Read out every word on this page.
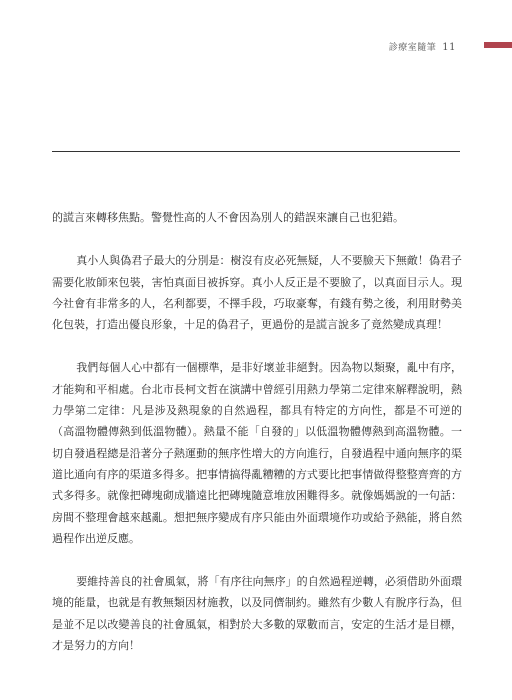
診療室隨筆 11

的謊言來轉移焦點。警覺性高的人不會因為別人的錯誤來讓自己也犯錯。

真小人與偽君子最大的分別是：樹沒有皮必死無疑，人不要臉天下無敵！偽君子需要化妝師來包裝，害怕真面目被拆穿。真小人反正是不要臉了，以真面目示人。現今社會有非常多的人，名利都要，不擇手段，巧取豪奪，有錢有勢之後，利用財勢美化包裝，打造出優良形象，十足的偽君子，更過份的是謊言說多了竟然變成真理！

我們每個人心中都有一個標準，是非好壞並非絕對。因為物以類聚，亂中有序，才能夠和平相處。台北市長柯文哲在演講中曾經引用熱力學第二定律來解釋說明，熱力學第二定律：凡是涉及熱現象的自然過程，都具有特定的方向性，都是不可逆的（高溫物體傳熱到低溫物體）。熱量不能「自發的」以低溫物體傳熱到高溫物體。一切自發過程總是沿著分子熱運動的無序性增大的方向進行，自發過程中通向無序的渠道比通向有序的渠道多得多。把事情搞得亂糟糟的方式要比把事情做得整整齊齊的方式多得多。就像把磚塊砌成牆遠比把磚塊隨意堆放困難得多。就像媽媽說的一句話：房間不整理會越來越亂。想把無序變成有序只能由外面環境作功或給予熱能，將自然過程作出逆反應。

要維持善良的社會風氣，將「有序往向無序」的自然過程逆轉，必須借助外面環境的能量，也就是有教無類因材施教，以及同儕制約。雖然有少數人有脫序行為，但是並不足以改變善良的社會風氣，相對於大多數的眾數而言，安定的生活才是目標，才是努力的方向！
